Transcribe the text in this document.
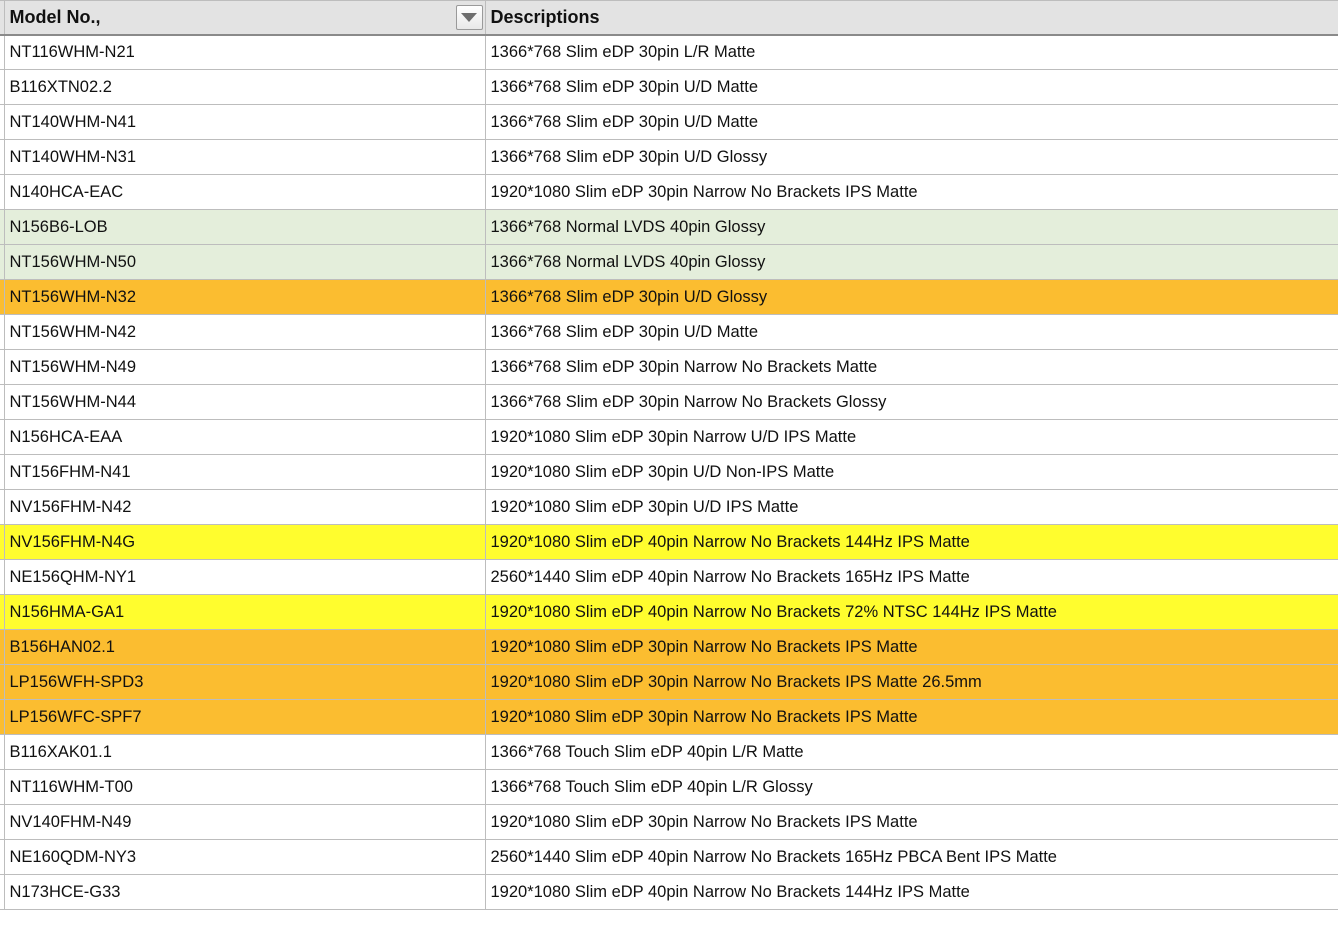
	Model No.,	Descriptions
	NT116WHM-N21	1366*768 Slim eDP 30pin L/R Matte
	B116XTN02.2	1366*768 Slim eDP 30pin U/D Matte
	NT140WHM-N41	1366*768 Slim eDP 30pin U/D Matte
	NT140WHM-N31	1366*768 Slim eDP 30pin U/D Glossy
	N140HCA-EAC	1920*1080 Slim eDP 30pin Narrow No Brackets IPS Matte
	N156B6-LOB	1366*768 Normal LVDS 40pin Glossy
	NT156WHM-N50	1366*768 Normal LVDS 40pin Glossy
	NT156WHM-N32	1366*768 Slim eDP 30pin U/D Glossy
	NT156WHM-N42	1366*768 Slim eDP 30pin U/D Matte
	NT156WHM-N49	1366*768 Slim eDP 30pin Narrow No Brackets Matte
	NT156WHM-N44	1366*768 Slim eDP 30pin Narrow No Brackets Glossy
	N156HCA-EAA	1920*1080 Slim eDP 30pin Narrow U/D IPS Matte
	NT156FHM-N41	1920*1080 Slim eDP 30pin U/D Non-IPS Matte
	NV156FHM-N42	1920*1080 Slim eDP 30pin U/D IPS Matte
	NV156FHM-N4G	1920*1080 Slim eDP 40pin Narrow No Brackets 144Hz IPS Matte
	NE156QHM-NY1	2560*1440 Slim eDP 40pin Narrow No Brackets 165Hz IPS Matte
	N156HMA-GA1	1920*1080 Slim eDP 40pin Narrow No Brackets 72% NTSC 144Hz IPS Matte
	B156HAN02.1	1920*1080 Slim eDP 30pin Narrow No Brackets IPS Matte
	LP156WFH-SPD3	1920*1080 Slim eDP 30pin Narrow No Brackets IPS Matte 26.5mm
	LP156WFC-SPF7	1920*1080 Slim eDP 30pin Narrow No Brackets IPS Matte
	B116XAK01.1	1366*768 Touch Slim eDP 40pin L/R Matte
	NT116WHM-T00	1366*768 Touch Slim eDP 40pin L/R Glossy
	NV140FHM-N49	1920*1080 Slim eDP 30pin Narrow No Brackets IPS Matte
	NE160QDM-NY3	2560*1440 Slim eDP 40pin Narrow No Brackets 165Hz PBCA Bent IPS Matte
	N173HCE-G33	1920*1080 Slim eDP 40pin Narrow No Brackets 144Hz IPS Matte
